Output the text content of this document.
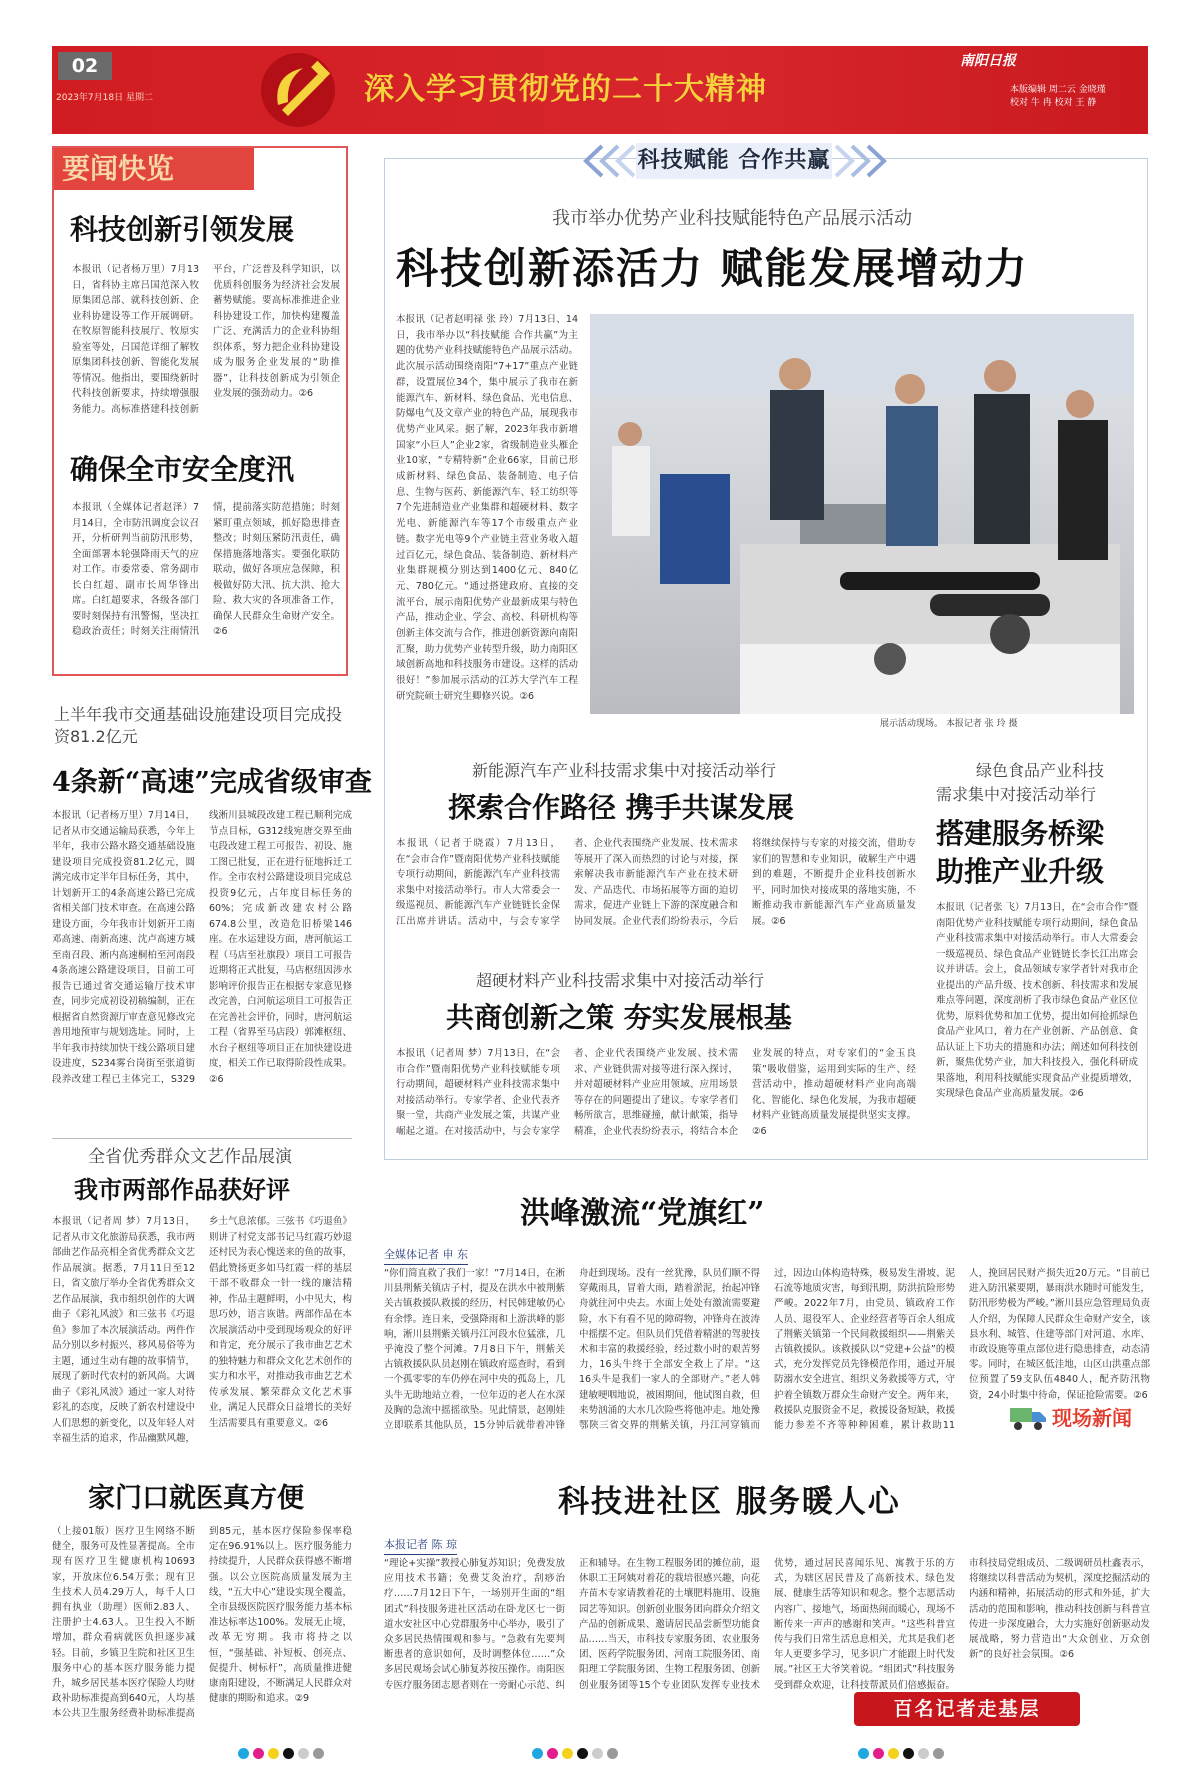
02
2023年7月18日 星期二	深入学习贯彻党的二十大精神
南阳日报
本版编辑 周二云 金晓瑾
校对 牛 冉 校对 王 静
要闻快览
科技创新引领发展
本报讯（记者杨万里）7月13日，省科协主席吕国范深入牧原集团总部、就科技创新、企业科协建设等工作开展调研。在牧原智能科技展厅、牧原实验室等处，吕国范详细了解牧原集团科技创新、智能化发展等情况。他指出，要围绕新时代科技创新要求，持续增强服务能力。高标准搭建科技创新平台，广泛普及科学知识，以优质科创服务为经济社会发展蓄势赋能。要高标准推进企业科协建设工作，加快构建覆盖广泛、充满活力的企业科协组织体系，努力把企业科协建设成为服务企业发展的“助推器”，让科技创新成为引领企业发展的强劲动力。②6
确保全市安全度汛
本报讯（全媒体记者赵泽）7月14日，全市防汛调度会议召开，分析研判当前防汛形势，全面部署本轮强降雨天气的应对工作。市委常委、常务副市长白红超、副市长周华锋出席。白红超要求，各级各部门要时刻保持有汛警惕，坚决扛稳政治责任；时刻关注雨情汛情，提前落实防范措施；时刻紧盯重点领域，抓好隐患排查整改；时刻压紧防汛责任，确保措施落地落实。要强化联防联动，做好各项应急保障，积极做好防大汛、抗大洪、抢大险、救大灾的各项准备工作，确保人民群众生命财产安全。②6
上半年我市交通基础设施建设项目完成投资81.2亿元
4条新“高速”完成省级审查
本报讯（记者杨万里）7月14日，记者从市交通运输局获悉，今年上半年，我市公路水路交通基础设施建设项目完成投资81.2亿元，圆满完成市定半年目标任务，其中，计划新开工的4条高速公路已完成省相关部门技术审查。在高速公路建设方面，今年我市计划新开工南邓高速、南新高速、沈卢高速方城至南召段、淅内高速桐柏至河南段4条高速公路建设项目，目前工可报告已通过省交通运输厅技术审查，同步完成初设初稿编制，正在根据省自然资源厅审查意见修改完善用地预审与规划选址。同时，上半年我市持续加快干线公路项目建设进度，S234雾台岗街至张道街段养改建工程已主体完工，S329线淅川县城段改建工程已顺利完成节点目标，G312线宛唐交界至曲屯段改建工程工可报告、初设、施工图已批复，正在进行征地拆迁工作。全市农村公路建设项目完成总投资9亿元，占年度目标任务的60%；完成新改建农村公路674.8公里，改造危旧桥梁146座。在水运建设方面，唐河航运工程（马店至社旗段）项目工可报告近期将正式批复，马店枢纽因涉水影响评价报告正在根据专家意见修改完善，白河航运项目工可报告正在完善社会评价，同时，唐河航运工程（省界至马店段）郭滩枢纽、水台子枢纽等项目正在加快建设进度，相关工作已取得阶段性成果。②6
全省优秀群众文艺作品展演
我市两部作品获好评
本报讯（记者周 梦）7月13日，记者从市文化旅游局获悉，我市两部曲艺作品亮相全省优秀群众文艺作品展演。据悉，7月11日至12日，省文旅厅举办全省优秀群众文艺作品展演，我市组织创作的大调曲子《彩礼风波》和三弦书《巧退鱼》参加了本次展演活动。两件作品分别以乡村振兴、移风易俗等为主题，通过生动有趣的故事情节，展现了新时代农村的新风尚。大调曲子《彩礼风波》通过一家人对待彩礼的态度，反映了新农村建设中人们思想的新变化，以及年轻人对幸福生活的追求，作品幽默风趣，乡土气息浓郁。三弦书《巧退鱼》则讲了村党支部书记马红霞巧妙退还村民为表心愧送来的鱼的故事，倡此赞扬更多如马红霞一样的基层干部不收群众一针一线的廉洁精神，作品主题鲜明，小中见大，构思巧妙，语言诙谐。两部作品在本次展演活动中受到现场观众的好评和肯定，充分展示了我市曲艺艺术的独特魅力和群众文化艺术创作的实力和水平，对推动我市曲艺艺术传承发展、繁荣群众文化艺术事业，满足人民群众日益增长的美好生活需要具有重要意义。②6
科技赋能 合作共赢
我市举办优势产业科技赋能特色产品展示活动
科技创新添活力 赋能发展增动力
本报讯（记者赵明禄 张 玲）7月13日、14日，我市举办以“科技赋能 合作共赢”为主题的优势产业科技赋能特色产品展示活动。此次展示活动围绕南阳“7+17”重点产业链群，设置展位34个，集中展示了我市在新能源汽车、新材料、绿色食品、光电信息、防爆电气及文章产业的特色产品，展现我市优势产业风采。据了解，2023年我市新增国家“小巨人”企业2家，省级制造业头雁企业10家，“专精特新”企业66家，目前已形成新材料、绿色食品、装备制造、电子信息、生物与医药、新能源汽车、轻工纺织等7个先进制造业产业集群和超硬材料、数字光电、新能源汽车等17个市级重点产业链。数字光电等9个产业链主营业务收入超过百亿元，绿色食品、装备制造、新材料产业集群规模分别达到1400亿元、840亿元、780亿元。“通过搭建政府、直接的交流平台，展示南阳优势产业最新成果与特色产品，推动企业、学会、高校、科研机构等创新主体交流与合作，推进创新资源向南阳汇聚，助力优势产业转型升级，助力南阳区域创新高地和科技服务市建设。这样的活动很好！”参加展示活动的江苏大学汽车工程研究院硕士研究生卿修兴说。②6
展示活动现场。 本报记者 张 玲 摄
新能源汽车产业科技需求集中对接活动举行
探索合作路径 携手共谋发展
本报讯（记者于晓霞）7月13日，在“会市合作”暨南阳优势产业科技赋能专项行动期间，新能源汽车产业科技需求集中对接活动举行。市人大常委会一级巡视员、新能源汽车产业链链长金保江出席并讲话。活动中，与会专家学者、企业代表围绕产业发展、技术需求等展开了深入而热烈的讨论与对接，探索解决我市新能源汽车产业在技术研发、产品迭代、市场拓展等方面的迫切需求，促进产业链上下游的深度融合和协同发展。企业代表们纷纷表示，今后将继续保持与专家的对接交流，借助专家们的智慧和专业知识，破解生产中遇到的难题，不断提升企业科技创新水平，同时加快对接成果的落地实施，不断推动我市新能源汽车产业高质量发展。②6
超硬材料产业科技需求集中对接活动举行
共商创新之策 夯实发展根基
本报讯（记者周 梦）7月13日，在“会市合作”暨南阳优势产业科技赋能专项行动期间，超硬材料产业科技需求集中对接活动举行。专家学者、企业代表齐聚一堂，共商产业发展之策，共谋产业崛起之道。在对接活动中，与会专家学者、企业代表围绕产业发展、技术需求、产业链供需对接等进行深入探讨，并对超硬材料产业应用领域、应用场景等存在的问题提出了建议。专家学者们畅所欲言，思维碰撞，献计献策，指导精准，企业代表纷纷表示，将结合本企业发展的特点，对专家们的“金玉良策”吸收借鉴，运用到实际的生产、经营活动中，推动超硬材料产业向高端化、智能化、绿色化发展，为我市超硬材料产业链高质量发展提供坚实支撑。②6
绿色食品产业科技
需求集中对接活动举行
搭建服务桥梁
助推产业升级
本报讯（记者张 飞）7月13日，在“会市合作”暨南阳优势产业科技赋能专项行动期间，绿色食品产业科技需求集中对接活动举行。市人大常委会一级巡视员、绿色食品产业链链长李长江出席会议并讲话。会上，食品领域专家学者针对我市企业提出的产品升级、技术创新、科技需求和发展难点等问题，深度剖析了我市绿色食品产业区位优势，原料优势和加工优势，提出如何抢抓绿色食品产业风口，着力在产业创新、产品创意、食品认证上下功夫的措施和办法；阐述如何科技创新，聚焦优势产业，加大科技投入，强化科研成果落地，利用科技赋能实现食品产业提质增效，实现绿色食品产业高质量发展。②6
洪峰激流“党旗红”
全媒体记者 申 东
“你们简直救了我们一家！”7月14日，在淅川县荆紫关镇店子村，提及在洪水中被荆紫关古镇救援队救援的经历，村民韩建敏仍心有余悸。连日来，受强降雨和上游洪峰的影响，淅川县荆紫关镇丹江河段水位猛涨，几乎淹没了整个河滩。7月8日下午，荆紫关古镇救援队队员赵刚在镇政府巡查时，看到一个孤零零的车仍停在河中央的孤岛上，几头牛无助地站立着，一位年迈的老人在水深及胸的急流中摇摇欲坠。见此情景，赵刚娃立即联系其他队员，15分钟后就带着冲锋舟赶到现场。没有一丝犹豫，队员们顺不得穿戴雨具，冒着大雨，踏着淤泥，抬起冲锋舟就往河中央去。水面上处处有激流需要避险，水下有看不见的障碍物，冲锋舟在波涛中摇摆不定。但队员们凭借着精湛的驾驶技术和丰富的救援经验，经过数小时的艰苦努力，16头牛终于全部安全救上了岸。“这16头牛是我们一家人的全部财产。”老人韩建敏哽咽地说，被困期间，他试图自救，但来势汹涌的大水几次险些将他冲走。地处豫鄂陕三省交界的荆紫关镇，丹江河穿镇而过，因边山体构造特殊，极易发生滑坡、泥石流等地质灾害，每到汛期，防洪抗险形势严峻。2022年7月，由党员、镇政府工作人员、退役军人、企业经营者等百余人组成了荆紫关镇第一个民间救援组织——荆紫关古镇救援队。该救援队以“党建+公益”的模式，充分发挥党员先锋模范作用，通过开展防溺水安全进宣、组织义务救援等方式，守护着全镇数万群众生命财产安全。两年来，救援队克服资金不足，救援设备短缺，救援能力参差不齐等种种困难，累计救助11人，挽回居民财产损失近20万元。“目前已进入防汛紧要期，暴雨洪水随时可能发生，防汛形势极为严峻。”淅川县应急管理局负责人介绍，为保障人民群众生命财产安全，该县水利、城管、住建等部门对河道、水库、市政设施等重点部位进行隐患排查，动态清零。同时，在城区低洼地，山区山洪重点部位预置了59支队伍4840人，配齐防汛物资，24小时集中待命，保证抢险需要。②6
现场新闻
家门口就医真方便
（上接01版）医疗卫生网络不断健全，服务可及性显著提高。全市现有医疗卫生健康机构10693家，开放床位6.54万张；现有卫生技术人员4.29万人，每千人口拥有执业（助理）医师2.83人、注册护士4.63人。卫生投入不断增加，群众看病就医负担逐步减轻。目前，乡镇卫生院和社区卫生服务中心的基本医疗服务能力提升，城乡居民基本医疗保险人均财政补助标准提高到640元，人均基本公共卫生服务经费补助标准提高到85元，基本医疗保险参保率稳定在96.91%以上。医疗服务能力持续提升，人民群众获得感不断增强。以公立医院高质量发展为主线，“五大中心”建设实现全覆盖，全市县级医院医疗服务能力基本标准达标率达100%。发展无止境，改革无穷期。我市将持之以恒，“强基础、补短板、创亮点、促提升、树标杆”，高质量推进健康南阳建设，不断满足人民群众对健康的期盼和追求。②9
科技进社区 服务暖人心
本报记者 陈 琼
“理论+实操”教授心肺复苏知识；免费发放应用技术书籍；免费艾灸治疗，刮痧治疗……7月12日下午，一场别开生面的“组团式”科技服务进社区活动在卧龙区七一街道水安社区中心党群服务中心举办，吸引了众多居民热情围观和参与。“急救有先要判断患者的意识如何，及时调整体位……”众多居民观场会试心肺复苏按压操作。南阳医专医疗服务团志愿者则在一旁耐心示范、纠正和辅导。在生物工程服务团的摊位前，退休职工王阿姨对着花的栽培很感兴趣，向花卉苗木专家请教着花的土壤肥料施用、设施园艺等知识。创新创业服务团向群众介绍文产品的创新成果、邀请居民品尝新型功能食品……当天，市科技专家服务团、农业服务团、医药学院服务团、河南工院服务团、南阳理工学院服务团、生物工程服务团、创新创业服务团等15个专业团队发挥专业技术优势，通过居民喜闻乐见、寓教于乐的方式，为辖区居民普及了高新技术、绿色发展、健康生活等知识和观念。整个志愿活动内容广、接地气，场面热闹而暖心，现场不断传来一声声的感谢和笑声。“这些科普宣传与我们日常生活息息相关，尤其是我们老年人更要多学习，见多识广才能跟上时代发展。”社区王大爷笑着说。“组团式”科技服务受到群众欢迎，让科技帮派员们倍感振奋。市科技局党组成员、二级调研员杜鑫表示，将继续以科普活动为契机，深度挖掘活动的内涵和精神，拓展活动的形式和外延，扩大活动的范围和影响，推动科技创新与科普宣传进一步深度融合，大力实施好创新驱动发展战略，努力营造出“大众创业、万众创新”的良好社会氛围。②6
百名记者走基层
